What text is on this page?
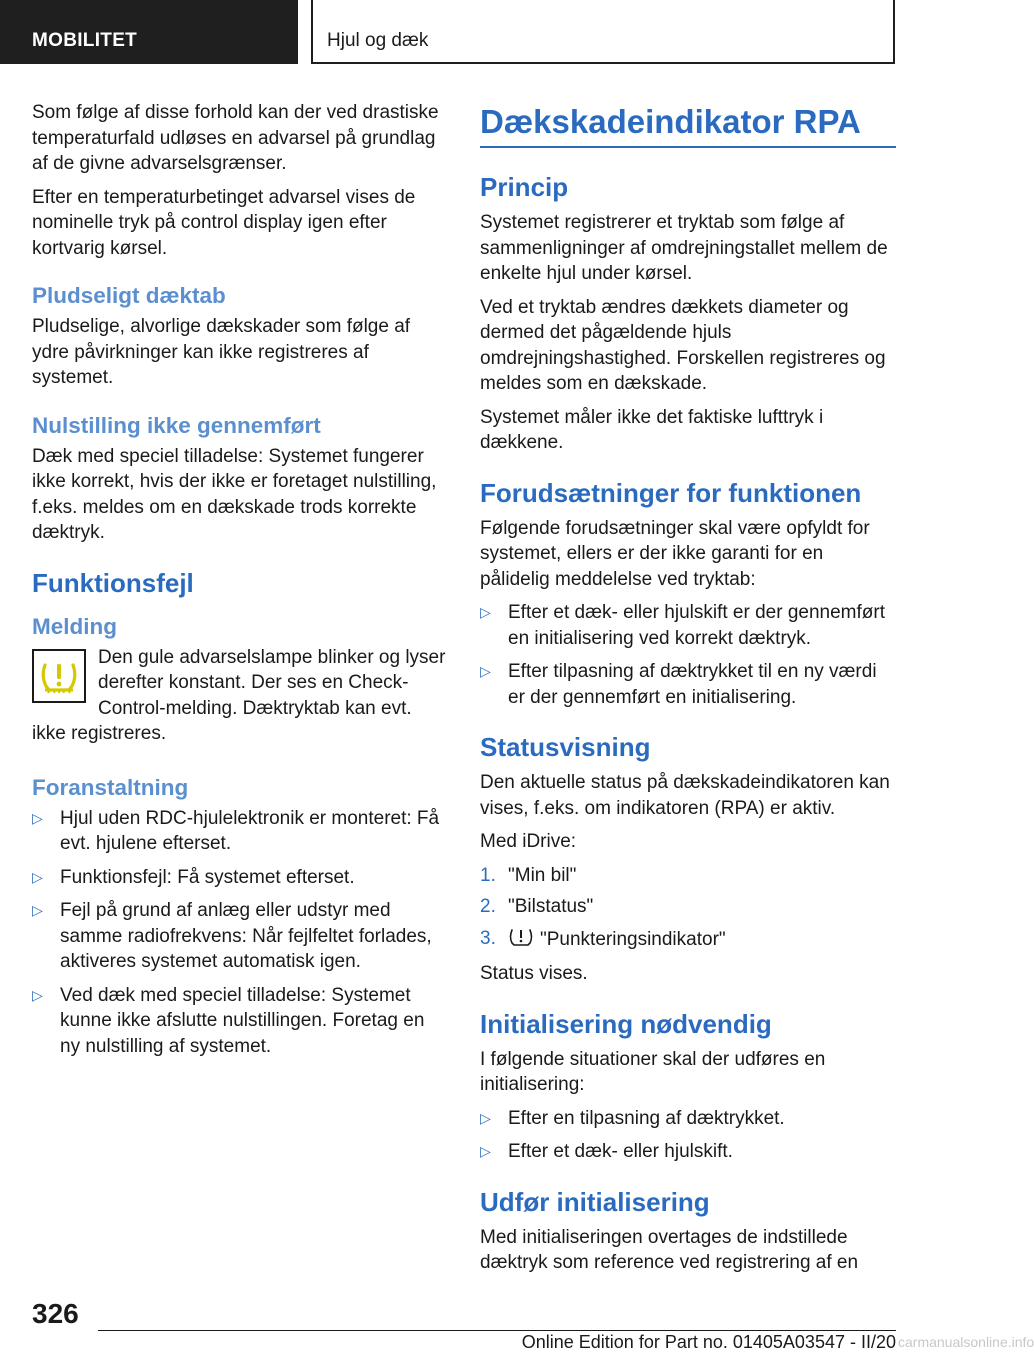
MOBILITET	Hjul og dæk

Som følge af disse forhold kan der ved drastiske temperaturfald udløses en advarsel på grundlag af de givne advarselsgrænser.

Efter en temperaturbetinget advarsel vises de nominelle tryk på control display igen efter kortvarig kørsel.

Pludseligt dæktab

Pludselige, alvorlige dækskader som følge af ydre påvirkninger kan ikke registreres af systemet.

Nulstilling ikke gennemført

Dæk med speciel tilladelse: Systemet fungerer ikke korrekt, hvis der ikke er foretaget nulstilling, f.eks. meldes om en dækskade trods korrekte dæktryk.

Funktionsfejl
Melding

Den gule advarselslampe blinker og lyser derefter konstant. Der ses en Check-Control-melding. Dæktryktab kan evt. ikke registreres.

Foranstaltning
▷ Hjul uden RDC-hjulelektronik er monteret: Få evt. hjulene efterset.
▷ Funktionsfejl: Få systemet efterset.
▷ Fejl på grund af anlæg eller udstyr med samme radiofrekvens: Når fejlfeltet forlades, aktiveres systemet automatisk igen.
▷ Ved dæk med speciel tilladelse: Systemet kunne ikke afslutte nulstillingen. Foretag en ny nulstilling af systemet.
Dækskadeindikator RPA
Princip

Systemet registrerer et tryktab som følge af sammenligninger af omdrejningstallet mellem de enkelte hjul under kørsel.

Ved et tryktab ændres dækkets diameter og dermed det pågældende hjuls omdrejningshastighed. Forskellen registreres og meldes som en dækskade.

Systemet måler ikke det faktiske lufttryk i dækkene.

Forudsætninger for funktionen

Følgende forudsætninger skal være opfyldt for systemet, ellers er der ikke garanti for en pålidelig meddelelse ved tryktab:

▷ Efter et dæk- eller hjulskift er der gennemført en initialisering ved korrekt dæktryk.
▷ Efter tilpasning af dæktrykket til en ny værdi er der gennemført en initialisering.
Statusvisning

Den aktuelle status på dækskadeindikatoren kan vises, f.eks. om indikatoren (RPA) er aktiv.

Med iDrive:

1. "Min bil"
2. "Bilstatus"
3. "Punkteringsindikator"

Status vises.

Initialisering nødvendig

I følgende situationer skal der udføres en initialisering:

▷ Efter en tilpasning af dæktrykket.
▷ Efter et dæk- eller hjulskift.
Udfør initialisering

Med initialiseringen overtages de indstillede dæktryk som reference ved registrering af en

326
Online Edition for Part no. 01405A03547 - II/20 carmanualsonline.info
